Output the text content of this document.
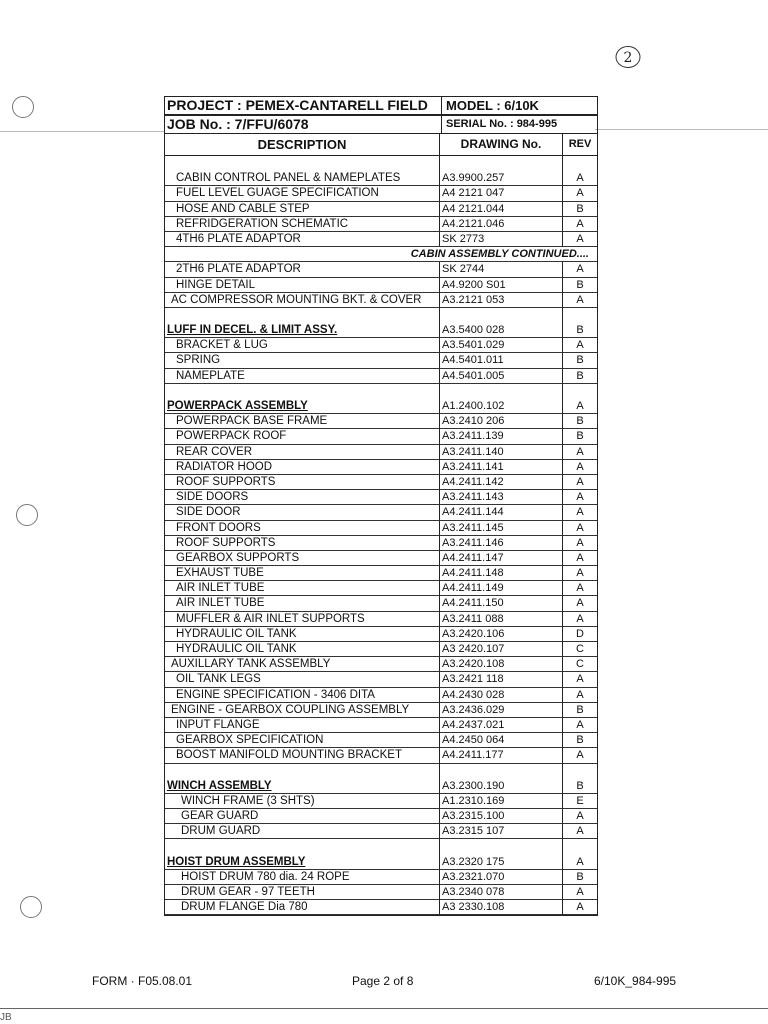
2
PROJECT : PEMEX-CANTARELL FIELD	MODEL : 6/10K
JOB No. : 7/FFU/6078	SERIAL No. : 984-995
DESCRIPTION	DRAWING No.	REV
CABIN CONTROL PANEL & NAMEPLATES	A3.9900.257	A
FUEL LEVEL GUAGE SPECIFICATION	A4 2121 047	A
HOSE AND CABLE STEP	A4 2121.044	B
REFRIDGERATION SCHEMATIC	A4.2121.046	A
4TH6 PLATE ADAPTOR	SK 2773	A
CABIN ASSEMBLY CONTINUED....
2TH6 PLATE ADAPTOR	SK 2744	A
HINGE DETAIL	A4.9200 S01	B
AC COMPRESSOR MOUNTING BKT. & COVER	A3.2121 053	A
LUFF IN DECEL. & LIMIT ASSY.	A3.5400 028	B
BRACKET & LUG	A3.5401.029	A
SPRING	A4.5401.011	B
NAMEPLATE	A4.5401.005	B
POWERPACK ASSEMBLY	A1.2400.102	A
POWERPACK BASE FRAME	A3.2410 206	B
POWERPACK ROOF	A3.2411.139	B
REAR COVER	A3.2411.140	A
RADIATOR HOOD	A3.2411.141	A
ROOF SUPPORTS	A4.2411.142	A
SIDE DOORS	A3.2411.143	A
SIDE DOOR	A4.2411.144	A
FRONT DOORS	A3.2411.145	A
ROOF SUPPORTS	A3.2411.146	A
GEARBOX SUPPORTS	A4.2411.147	A
EXHAUST TUBE	A4.2411.148	A
AIR INLET TUBE	A4.2411.149	A
AIR INLET TUBE	A4.2411.150	A
MUFFLER & AIR INLET SUPPORTS	A3.2411 088	A
HYDRAULIC OIL TANK	A3.2420.106	D
HYDRAULIC OIL TANK	A3 2420.107	C
AUXILLARY TANK ASSEMBLY	A3.2420.108	C
OIL TANK LEGS	A3.2421 118	A
ENGINE SPECIFICATION - 3406 DITA	A4.2430 028	A
ENGINE - GEARBOX COUPLING ASSEMBLY	A3.2436.029	B
INPUT FLANGE	A4.2437.021	A
GEARBOX SPECIFICATION	A4.2450 064	B
BOOST MANIFOLD MOUNTING BRACKET	A4.2411.177	A
WINCH ASSEMBLY	A3.2300.190	B
WINCH FRAME (3 SHTS)	A1.2310.169	E
GEAR GUARD	A3.2315.100	A
DRUM GUARD	A3.2315 107	A
HOIST DRUM ASSEMBLY	A3.2320 175	A
HOIST DRUM 780 dia. 24 ROPE	A3.2321.070	B
DRUM GEAR - 97 TEETH	A3.2340 078	A
DRUM FLANGE Dia 780	A3 2330.108	A
FORM · F05.08.01	Page 2 of 8	6/10K_984-995
JB
